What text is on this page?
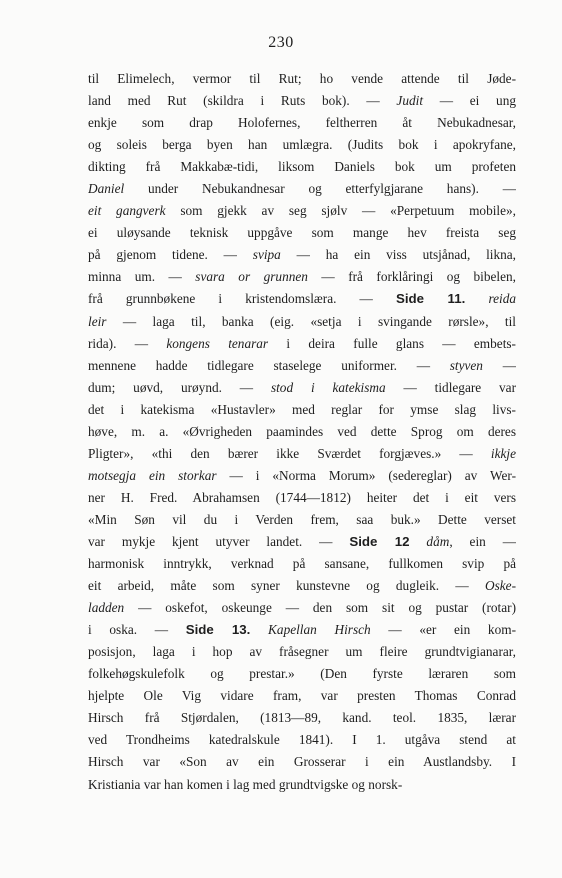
230
til Elimelech, vermor til Rut; ho vende attende til Jøde-
land med Rut (skildra i Ruts bok). — Judit — ei ung
enkje som drap Holofernes, feltherren åt Nebukadnesar,
og soleis berga byen han umlægra. (Judits bok i apokryfane,
dikting frå Makkabæ-tidi, liksom Daniels bok um profeten
Daniel under Nebukandnesar og etterfylgjarane hans). —
eit gangverk som gjekk av seg sjølv — «Perpetuum mobile»,
ei uløysande teknisk uppgåve som mange hev freista seg
på gjenom tidene. — svipa — ha ein viss utsjånad, likna,
minna um. — svara or grunnen — frå forklåringi og bibelen,
frå grunnbøkene i kristendomslæra. — Side 11. reida
leir — laga til, banka (eig. «setja i svingande rørsle», til
rida). — kongens tenarar i deira fulle glans — embets-
mennene hadde tidlegare staselege uniformer. — styven —
dum; uøvd, urøynd. — stod i katekisma — tidlegare var
det i katekisma «Hustavler» med reglar for ymse slag livs-
høve, m. a. «Øvrigheden paamindes ved dette Sprog om deres
Pligter», «thi den bærer ikke Sværdet forgjæves.» — ikkje
motsegja ein storkar — i «Norma Morum» (sedereglar) av Wer-
ner H. Fred. Abrahamsen (1744—1812) heiter det i eit vers
«Min Søn vil du i Verden frem, saa buk.» Dette verset
var mykje kjent utyver landet. — Side 12 dåm, ein —
harmonisk inntrykk, verknad på sansane, fullkomen svip på
eit arbeid, måte som syner kunstevne og dugleik. — Oske-
ladden — oskefot, oskeunge — den som sit og pustar (rotar)
i oska. — Side 13. Kapellan Hirsch — «er ein kom-
posisjon, laga i hop av fråsegner um fleire grundtvigianarar,
folkehøgskulefolk og prestar.» (Den fyrste læraren som
hjelpte Ole Vig vidare fram, var presten Thomas Conrad
Hirsch frå Stjørdalen, (1813—89, kand. teol. 1835, lærar
ved Trondheims katedralskule 1841). I 1. utgåva stend at
Hirsch var «Son av ein Grosserar i ein Austlandsby. I
Kristiania var han komen i lag med grundtvigske og norsk-
